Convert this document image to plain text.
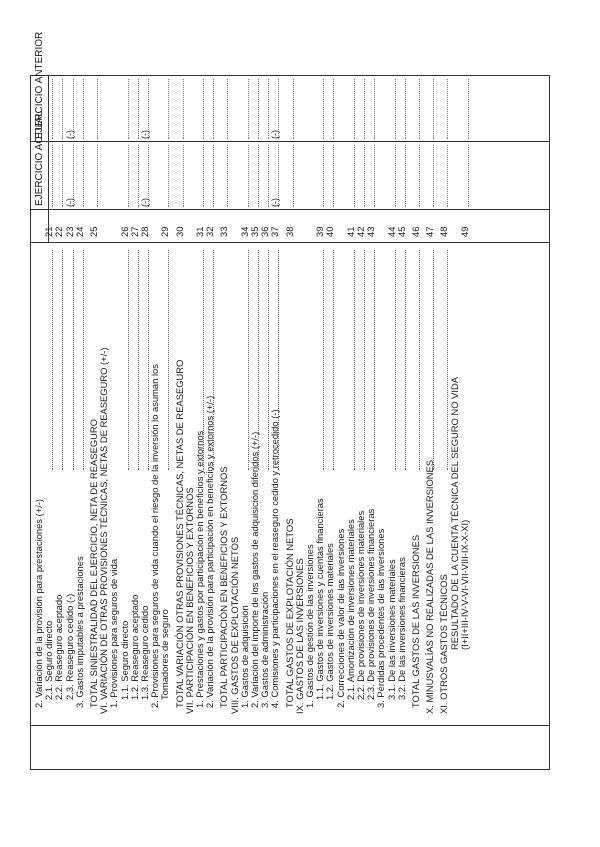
EJERCICIO ACTUAL
EJERCICIO ANTERIOR
2. Variación de la provisión para prestaciones (+/-) 2.1. Seguro directo
21
2.2. Reaseguro aceptado
22
2.3. Reaseguro cedido (-)
23
(-)
(-)
3. Gastos imputables a prestaciones
24
TOTAL SINIESTRALIDAD DEL EJERCICIO, NETA DE REASEGURO
25
VI. VARIACIÓN DE OTRAS PROVISIONES TÉCNICAS, NETAS DE REASEGURO (+/-) 1. Provisiones para seguros de vida 1.1. Seguro directo
26
1.2. Reaseguro aceptado
27
1.3. Reaseguro cedido
28
(-)
(-)
2. Provisiones para seguros de vida cuando el riesgo de la inversión lo asuman los Tomadores de seguro
29
TOTAL VARIACIÓN OTRAS PROVISIONES TÉCNICAS, NETAS DE REASEGURO
30
VII. PARTICIPACIÓN EN BENEFICIOS Y EXTORNOS 1. Prestaciones y gastos por participación en beneficios y extornos
31
2. Variación de la provisión para participación en beneficios y extornos (+/-)
32
TOTAL PARTICIPACIÓN EN BENEFICIOS Y EXTORNOS
33
VIII. GASTOS DE EXPLOTACIÓN NETOS 1. Gastos de adquisición
34
2. Variación del importe de los gastos de adquisición diferidos (+/-)
35
3. Gastos de administración
36
4. Comisiones y participaciones en el reaseguro cedido y retrocedido (-)
37
(-)
(-)
TOTAL GASTOS DE EXPLOTACIÓN NETOS
38
IX. GASTOS DE LAS INVERSIONES 1. Gastos de gestión de las inversiones 1.1. Gastos de inversiones y cuentas financieras
39
1.2. Gastos de inversiones materiales
40
2. Correcciones de valor de las inversiones 2.1. Amortización de inversiones materiales
41
2.2. De provisiones de inversiones materiales
42
2.3. De provisiones de inversiones financieras
43
3. Pérdidas procedentes de las inversiones 3.1. De las inversiones materiales
44
3.2. De las inversiones financieras
45
TOTAL GASTOS DE LAS INVERSIONES
46
X. MINUSVALÍAS NO REALIZADAS DE LAS INVERSIONES
47
XI. OTROS GASTOS TÉCNICOS
48
RESULTADO DE LA CUENTA TÉCNICA DEL SEGURO NO VIDA (I+II+III-IV-V-VI-VII-VIII-IX-X-XI)
49
